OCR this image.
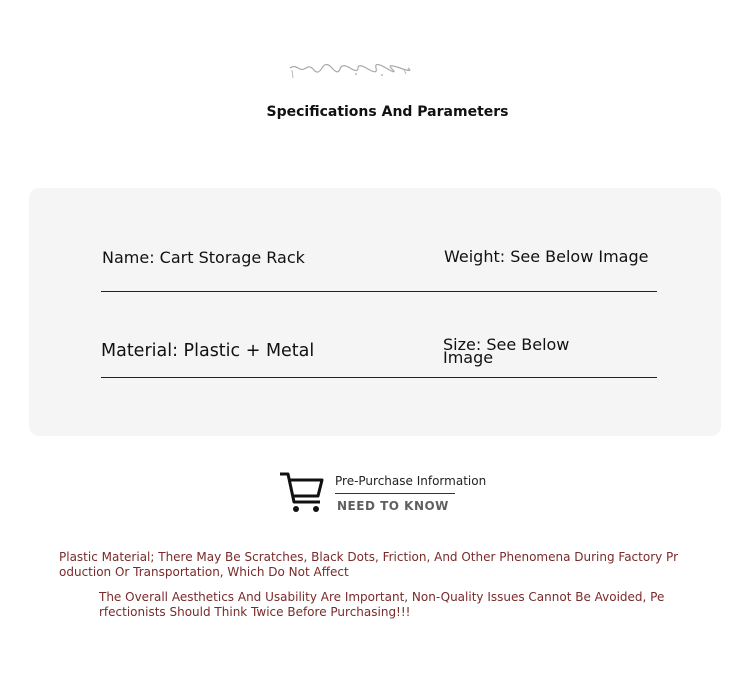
Specifications And Parameters
Name: Cart Storage Rack	Weight: See Below Image
Material: Plastic + Metal	Size: See Below Image
Pre-Purchase Information
NEED TO KNOW
Plastic Material; There May Be Scratches, Black Dots, Friction, And Other Phenomena During Factory Production Or Transportation, Which Do Not Affect
The Overall Aesthetics And Usability Are Important, Non-Quality Issues Cannot Be Avoided, Perfectionists Should Think Twice Before Purchasing!!!
